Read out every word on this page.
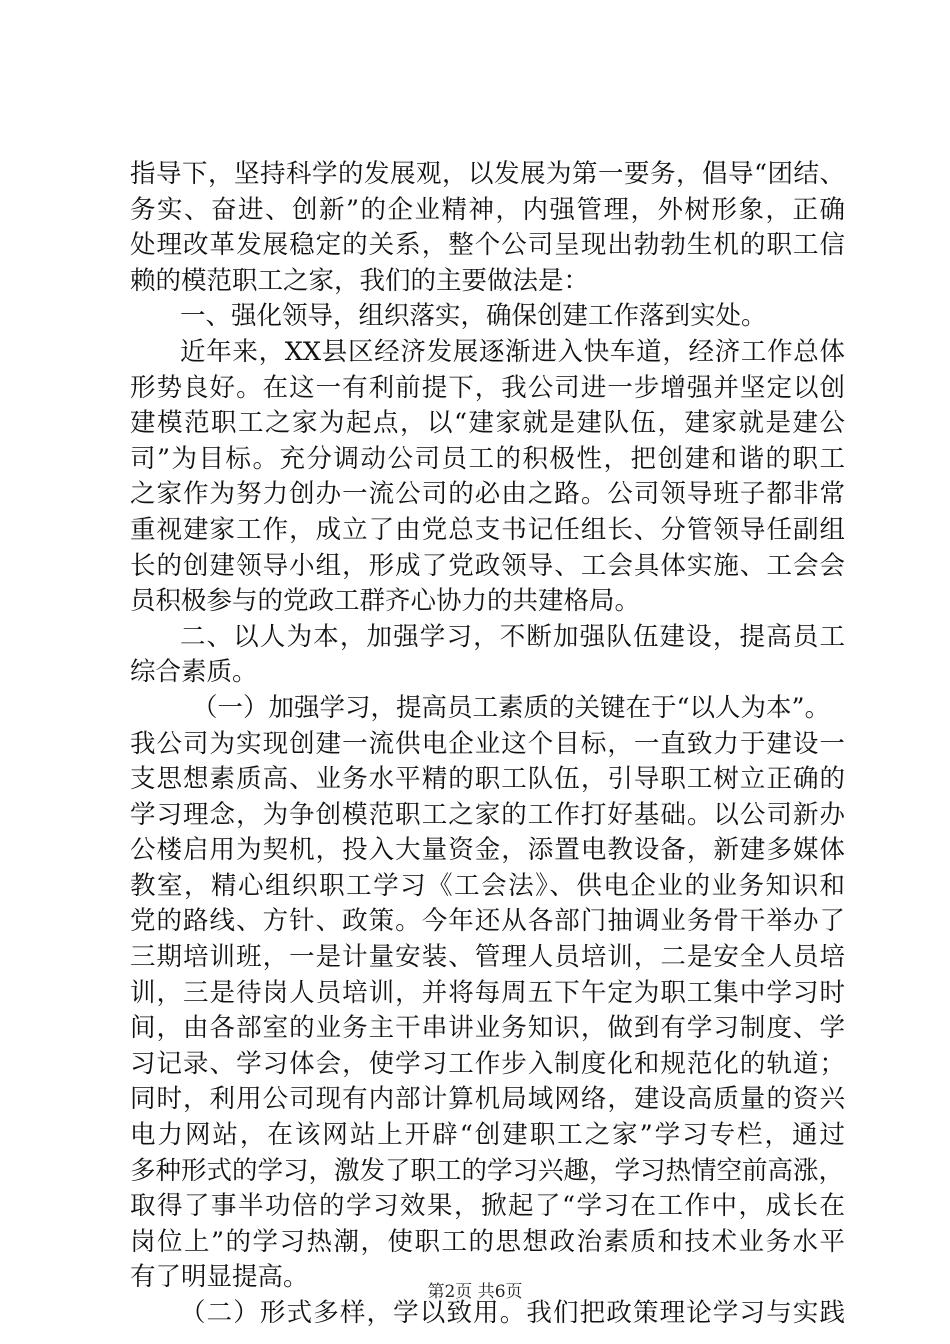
指导下，坚持科学的发展观，以发展为第一要务，倡导“团结、
务实、奋进、创新”的企业精神，内强管理，外树形象，正确
处理改革发展稳定的关系，整个公司呈现出勃勃生机的职工信
赖的模范职工之家，我们的主要做法是：
一、强化领导，组织落实，确保创建工作落到实处。
近年来，XX县区经济发展逐渐进入快车道，经济工作总体
形势良好。在这一有利前提下，我公司进一步增强并坚定以创
建模范职工之家为起点，以“建家就是建队伍，建家就是建公
司”为目标。充分调动公司员工的积极性，把创建和谐的职工
之家作为努力创办一流公司的必由之路。公司领导班子都非常
重视建家工作，成立了由党总支书记任组长、分管领导任副组
长的创建领导小组，形成了党政领导、工会具体实施、工会会
员积极参与的党政工群齐心协力的共建格局。
二、以人为本，加强学习，不断加强队伍建设，提高员工
综合素质。
（一）加强学习，提高员工素质的关键在于“以人为本”。
我公司为实现创建一流供电企业这个目标，一直致力于建设一
支思想素质高、业务水平精的职工队伍，引导职工树立正确的
学习理念，为争创模范职工之家的工作打好基础。以公司新办
公楼启用为契机，投入大量资金，添置电教设备，新建多媒体
教室，精心组织职工学习《工会法》、供电企业的业务知识和
党的路线、方针、政策。今年还从各部门抽调业务骨干举办了
三期培训班，一是计量安装、管理人员培训，二是安全人员培
训，三是待岗人员培训，并将每周五下午定为职工集中学习时
间，由各部室的业务主干串讲业务知识，做到有学习制度、学
习记录、学习体会，使学习工作步入制度化和规范化的轨道；
同时，利用公司现有内部计算机局域网络，建设高质量的资兴
电力网站，在该网站上开辟“创建职工之家”学习专栏，通过
多种形式的学习，激发了职工的学习兴趣，学习热情空前高涨，
取得了事半功倍的学习效果，掀起了“学习在工作中，成长在
岗位上”的学习热潮，使职工的思想政治素质和技术业务水平
有了明显提高。
（二）形式多样，学以致用。我们把政策理论学习与实践
第2页 共6页
